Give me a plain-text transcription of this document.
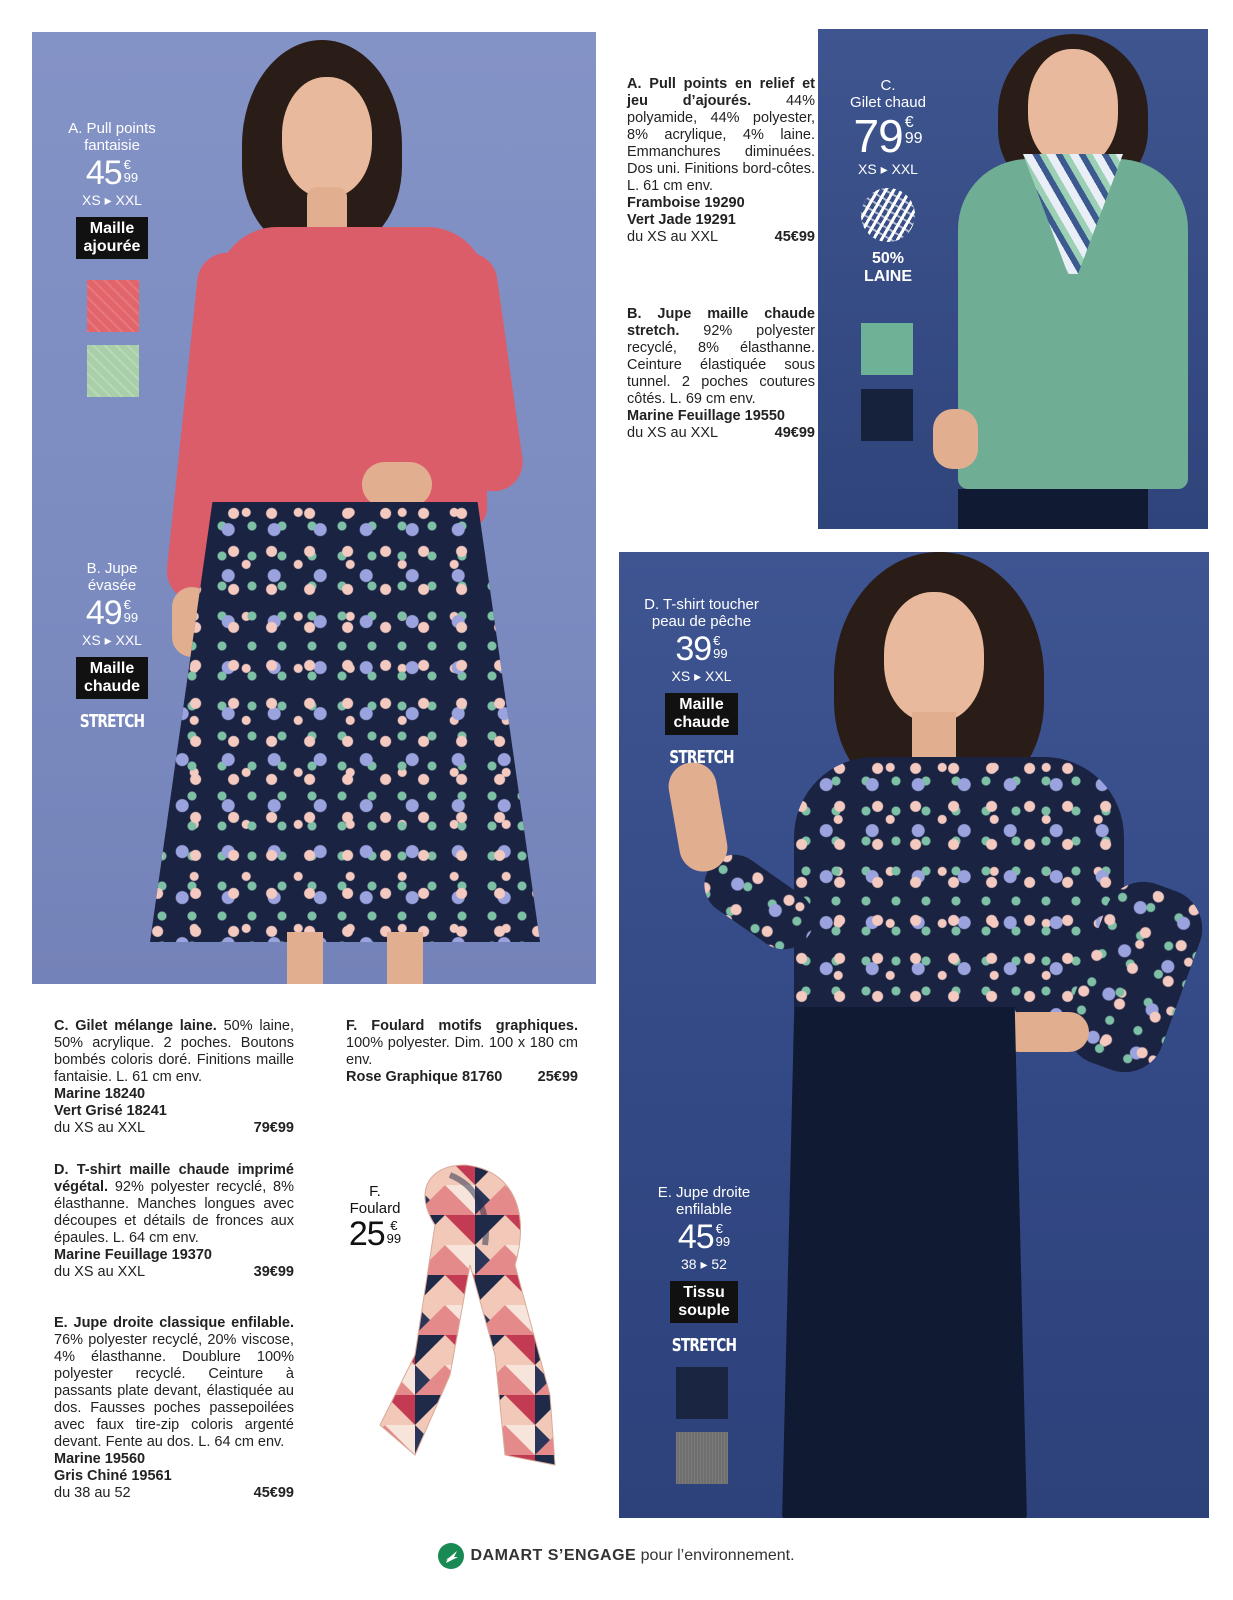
A. Pull points
fantaisie
45 €
99
XS ▸ XXL
Maille
ajourée
B. Jupe
évasée
49 €
99
XS ▸ XXL
Maille
chaude
STRETCH
A. Pull points en relief et jeu d’ajourés. 44% polyamide, 44% polyester, 8% acrylique, 4% laine. Emmanchures diminuées. Dos uni. Finitions bord-côtes. L. 61 cm env.
Framboise 19290
Vert Jade 19291
du XS au XXL	45€99
B. Jupe maille chaude stretch. 92% polyester recyclé, 8% élasthanne. Ceinture élastiquée sous tunnel. 2 poches coutures côtés. L. 69 cm env.
Marine Feuillage 19550
du XS au XXL	49€99
C.
Gilet chaud
79 €
99
XS ▸ XXL
50%
LAINE
D. T-shirt toucher
peau de pêche
39 €
99
XS ▸ XXL
Maille
chaude
STRETCH
E. Jupe droite
enfilable
45 €
99
38 ▸ 52
Tissu
souple
STRETCH
C. Gilet mélange laine. 50% laine, 50% acrylique. 2 poches. Boutons bombés coloris doré. Finitions maille fantaisie. L. 61 cm env.
Marine 18240
Vert Grisé 18241
du XS au XXL	79€99
D. T-shirt maille chaude imprimé végétal. 92% polyester recyclé, 8% élasthanne. Manches longues avec découpes et détails de fronces aux épaules. L. 64 cm env.
Marine Feuillage 19370
du XS au XXL	39€99
E. Jupe droite classique enfilable. 76% polyester recyclé, 20% viscose, 4% élasthanne. Doublure 100% polyester recyclé. Ceinture à passants plate devant, élastiquée au dos. Fausses poches passepoilées avec faux tire-zip coloris argenté devant. Fente au dos. L. 64 cm env.
Marine 19560
Gris Chiné 19561
du 38 au 52	45€99
F. Foulard motifs graphiques. 100% polyester. Dim. 100 x 180 cm env.
Rose Graphique 81760 25€99
F.
Foulard
25 €
99
DAMART S’ENGAGE pour l’environnement.
